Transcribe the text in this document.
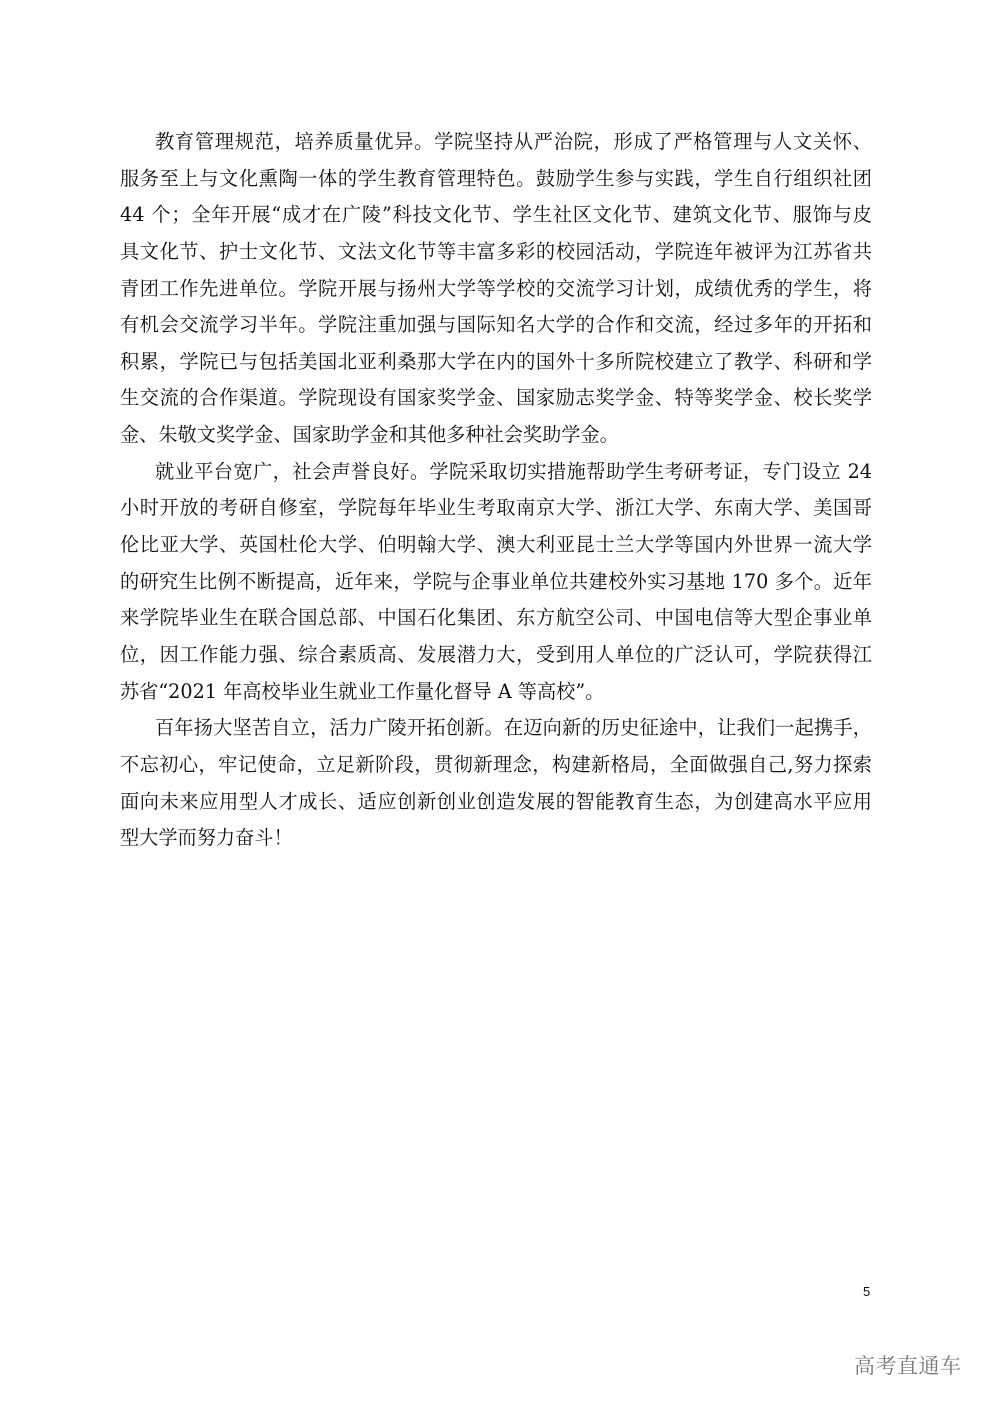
教育管理规范，培养质量优异。学院坚持从严治院，形成了严格管理与人文关怀、
服务至上与文化熏陶一体的学生教育管理特色。鼓励学生参与实践，学生自行组织社团
44 个；全年开展“成才在广陵”科技文化节、学生社区文化节、建筑文化节、服饰与皮
具文化节、护士文化节、文法文化节等丰富多彩的校园活动，学院连年被评为江苏省共
青团工作先进单位。学院开展与扬州大学等学校的交流学习计划，成绩优秀的学生，将
有机会交流学习半年。学院注重加强与国际知名大学的合作和交流，经过多年的开拓和
积累，学院已与包括美国北亚利桑那大学在内的国外十多所院校建立了教学、科研和学
生交流的合作渠道。学院现设有国家奖学金、国家励志奖学金、特等奖学金、校长奖学
金、朱敬文奖学金、国家助学金和其他多种社会奖助学金。
就业平台宽广，社会声誉良好。学院采取切实措施帮助学生考研考证，专门设立 24
小时开放的考研自修室，学院每年毕业生考取南京大学、浙江大学、东南大学、美国哥
伦比亚大学、英国杜伦大学、伯明翰大学、澳大利亚昆士兰大学等国内外世界一流大学
的研究生比例不断提高，近年来，学院与企事业单位共建校外实习基地 170 多个。近年
来学院毕业生在联合国总部、中国石化集团、东方航空公司、中国电信等大型企事业单
位，因工作能力强、综合素质高、发展潜力大，受到用人单位的广泛认可，学院获得江
苏省“2021 年高校毕业生就业工作量化督导 A 等高校”。
百年扬大坚苦自立，活力广陵开拓创新。在迈向新的历史征途中，让我们一起携手，
不忘初心，牢记使命，立足新阶段，贯彻新理念，构建新格局，全面做强自己,努力探索
面向未来应用型人才成长、适应创新创业创造发展的智能教育生态，为创建高水平应用
型大学而努力奋斗！
5
高考直通车
